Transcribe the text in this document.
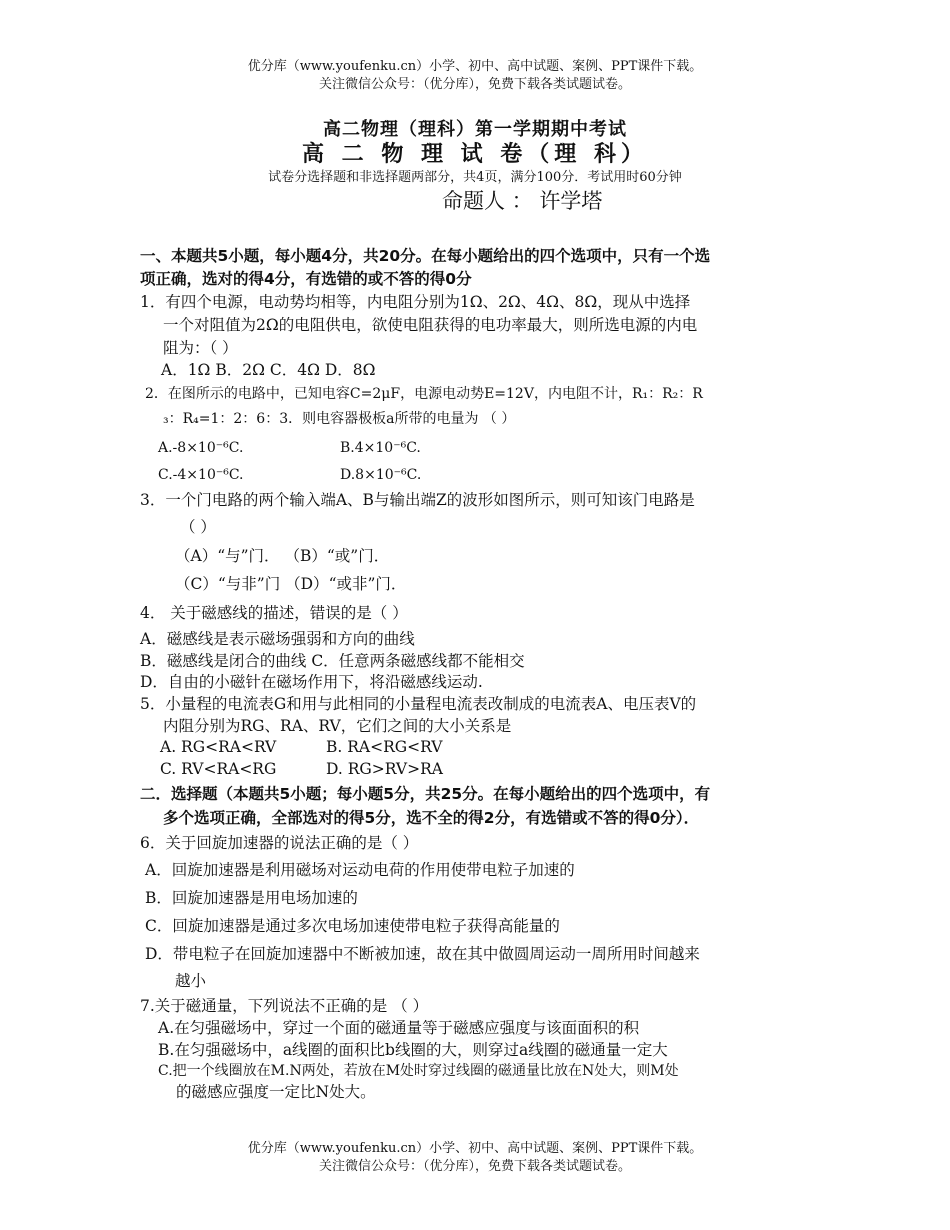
优分库（www.youfenku.cn）小学、初中、高中试题、案例、PPT课件下载。
关注微信公众号：（优分库），免费下载各类试题试卷。
高二物理（理科）第一学期期中考试
高 二 物 理 试 卷（理 科）
试卷分选择题和非选择题两部分，共4页，满分100分．考试用时60分钟
命题人 ： 许学塔
一、本题共5小题，每小题4分，共20分。在每小题给出的四个选项中，只有一个选
项正确，选对的得4分，有选错的或不答的得0分
1．有四个电源，电动势均相等，内电阻分别为1Ω、2Ω、4Ω、8Ω，现从中选择
一个对阻值为2Ω的电阻供电，欲使电阻获得的电功率最大，则所选电源的内电
阻为：（ ）
A．1Ω B．2Ω C．4Ω D．8Ω
2．在图所示的电路中，已知电容C=2μF，电源电动势E=12V，内电阻不计，R₁：R₂：R
₃：R₄=1：2：6：3．则电容器极板a所带的电量为 （ ）
A.-8×10⁻⁶C.	B.4×10⁻⁶C.
C.-4×10⁻⁶C.	D.8×10⁻⁶C.
3．一个门电路的两个输入端A、B与输出端Z的波形如图所示，则可知该门电路是
（ ）
（A）“与”门． （B）“或”门．
（C）“与非”门 （D）“或非”门．
4． 关于磁感线的描述，错误的是（ ）
A．磁感线是表示磁场强弱和方向的曲线
B．磁感线是闭合的曲线 C．任意两条磁感线都不能相交
D．自由的小磁针在磁场作用下，将沿磁感线运动.
5．小量程的电流表G和用与此相同的小量程电流表改制成的电流表A、电压表V的
内阻分别为RG、RA、RV，它们之间的大小关系是
A. RG<RA<RV	B. RA<RG<RV
C. RV<RA<RG	D. RG>RV>RA
二．选择题（本题共5小题；每小题5分，共25分。在每小题给出的四个选项中，有
多个选项正确，全部选对的得5分，选不全的得2分，有选错或不答的得0分）．
6．关于回旋加速器的说法正确的是（ ）
A．回旋加速器是利用磁场对运动电荷的作用使带电粒子加速的
B．回旋加速器是用电场加速的
C．回旋加速器是通过多次电场加速使带电粒子获得高能量的
D．带电粒子在回旋加速器中不断被加速，故在其中做圆周运动一周所用时间越来
越小
7.关于磁通量，下列说法不正确的是 （ ）
A.在匀强磁场中，穿过一个面的磁通量等于磁感应强度与该面面积的积
B.在匀强磁场中，a线圈的面积比b线圈的大，则穿过a线圈的磁通量一定大
C.把一个线圈放在M.N两处，若放在M处时穿过线圈的磁通量比放在N处大，则M处
的磁感应强度一定比N处大。
优分库（www.youfenku.cn）小学、初中、高中试题、案例、PPT课件下载。
关注微信公众号：（优分库），免费下载各类试题试卷。
